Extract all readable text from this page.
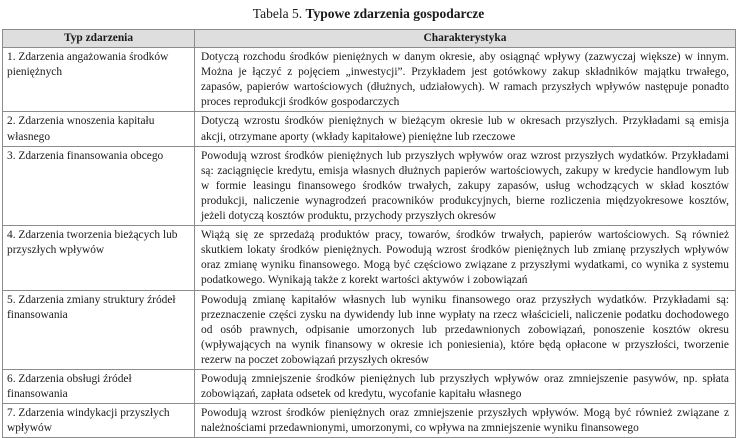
Tabela 5. Typowe zdarzenia gospodarcze
Typ zdarzenia	Charakterystyka
1. Zdarzenia angażowania środków pieniężnych	Dotyczą rozchodu środków pieniężnych w danym okresie, aby osiągnąć wpływy (zazwyczaj większe) w innym. Można je łączyć z pojęciem „inwestycji”. Przykładem jest gotówkowy zakup składników majątku trwałego, zapasów, papierów wartościowych (dłużnych, udziałowych). W ramach przyszłych wpływów następuje ponadto proces reprodukcji środków gospodarczych
2. Zdarzenia wnoszenia kapitału własnego	Dotyczą wzrostu środków pieniężnych w bieżącym okresie lub w okresach przyszłych. Przykładami są emisja akcji, otrzymane aporty (wkłady kapitałowe) pieniężne lub rzeczowe
3. Zdarzenia finansowania obcego	Powodują wzrost środków pieniężnych lub przyszłych wpływów oraz wzrost przyszłych wydatków. Przykładami są: zaciągnięcie kredytu, emisja własnych dłużnych papierów wartościowych, zakupy w kredycie handlowym lub w formie leasingu finansowego środków trwałych, zakupy zapasów, usług wchodzących w skład kosztów produkcji, naliczenie wynagrodzeń pracowników produkcyjnych, bierne rozliczenia międzyokresowe kosztów, jeżeli dotyczą kosztów produktu, przychody przyszłych okresów
4. Zdarzenia tworzenia bieżących lub przyszłych wpływów	Wiążą się ze sprzedażą produktów pracy, towarów, środków trwałych, papierów wartościowych. Są również skutkiem lokaty środków pieniężnych. Powodują wzrost środków pieniężnych lub zmianę przyszłych wpływów oraz zmianę wyniku finansowego. Mogą być częściowo związane z przyszłymi wydatkami, co wynika z systemu podatkowego. Wynikają także z korekt wartości aktywów i zobowiązań
5. Zdarzenia zmiany struktury źródeł finansowania	Powodują zmianę kapitałów własnych lub wyniku finansowego oraz przyszłych wydatków. Przykładami są: przeznaczenie części zysku na dywidendy lub inne wypłaty na rzecz właścicieli, naliczenie podatku dochodowego od osób prawnych, odpisanie umorzonych lub przedawnionych zobowiązań, ponoszenie kosztów okresu (wpływających na wynik finansowy w okresie ich poniesienia), które będą opłacone w przyszłości, tworzenie rezerw na poczet zobowiązań przyszłych okresów
6. Zdarzenia obsługi źródeł finansowania	Powodują zmniejszenie środków pieniężnych lub przyszłych wpływów oraz zmniejszenie pasywów, np. spłata zobowiązań, zapłata odsetek od kredytu, wycofanie kapitału własnego
7. Zdarzenia windykacji przyszłych wpływów	Powodują wzrost środków pieniężnych oraz zmniejszenie przyszłych wpływów. Mogą być również związane z należnościami przedawnionymi, umorzonymi, co wpływa na zmniejszenie wyniku finansowego
